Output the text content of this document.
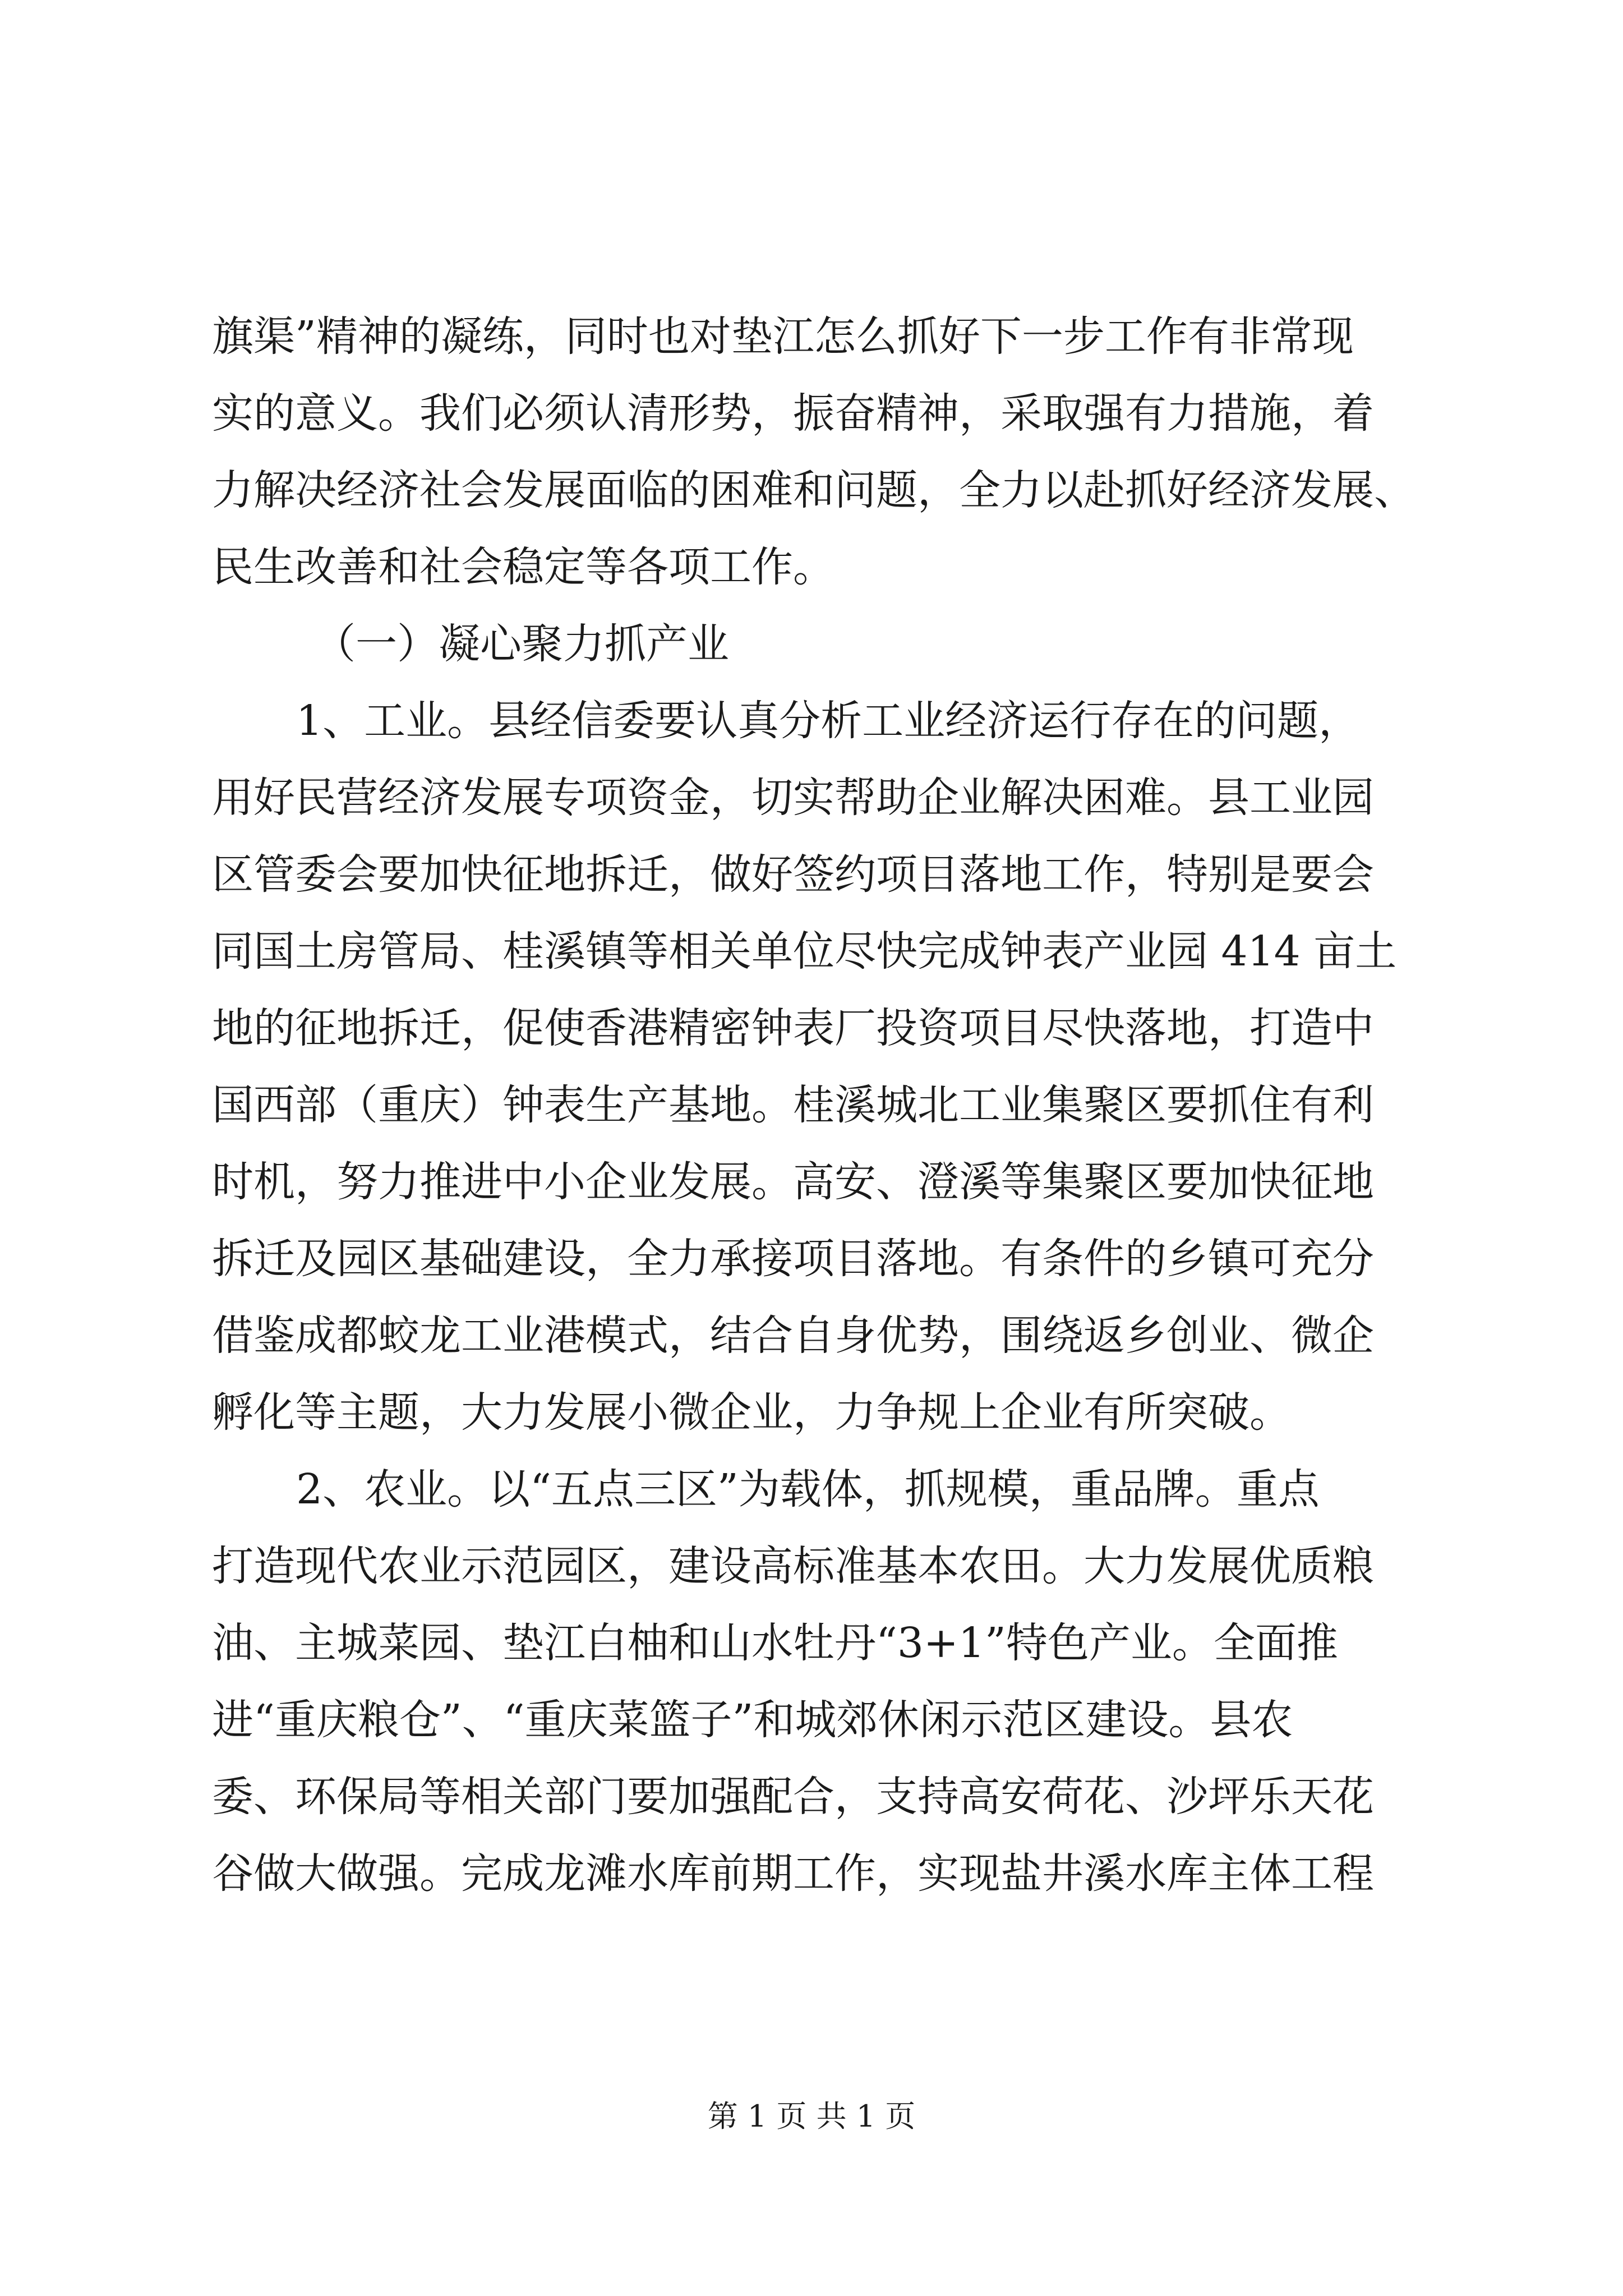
旗渠”精神的凝练，同时也对垫江怎么抓好下一步工作有非常现
实的意义。我们必须认清形势，振奋精神，采取强有力措施，着
力解决经济社会发展面临的困难和问题，全力以赴抓好经济发展、
民生改善和社会稳定等各项工作。
（一）凝心聚力抓产业
1、工业。县经信委要认真分析工业经济运行存在的问题，
用好民营经济发展专项资金，切实帮助企业解决困难。县工业园
区管委会要加快征地拆迁，做好签约项目落地工作，特别是要会
同国土房管局、桂溪镇等相关单位尽快完成钟表产业园 414 亩土
地的征地拆迁，促使香港精密钟表厂投资项目尽快落地，打造中
国西部（重庆）钟表生产基地。桂溪城北工业集聚区要抓住有利
时机，努力推进中小企业发展。高安、澄溪等集聚区要加快征地
拆迁及园区基础建设，全力承接项目落地。有条件的乡镇可充分
借鉴成都蛟龙工业港模式，结合自身优势，围绕返乡创业、微企
孵化等主题，大力发展小微企业，力争规上企业有所突破。
2、农业。以“五点三区”为载体，抓规模，重品牌。重点
打造现代农业示范园区，建设高标准基本农田。大力发展优质粮
油、主城菜园、垫江白柚和山水牡丹“3+1”特色产业。全面推
进“重庆粮仓”、“重庆菜篮子”和城郊休闲示范区建设。县农
委、环保局等相关部门要加强配合，支持高安荷花、沙坪乐天花
谷做大做强。完成龙滩水库前期工作，实现盐井溪水库主体工程
第 1 页 共 1 页
